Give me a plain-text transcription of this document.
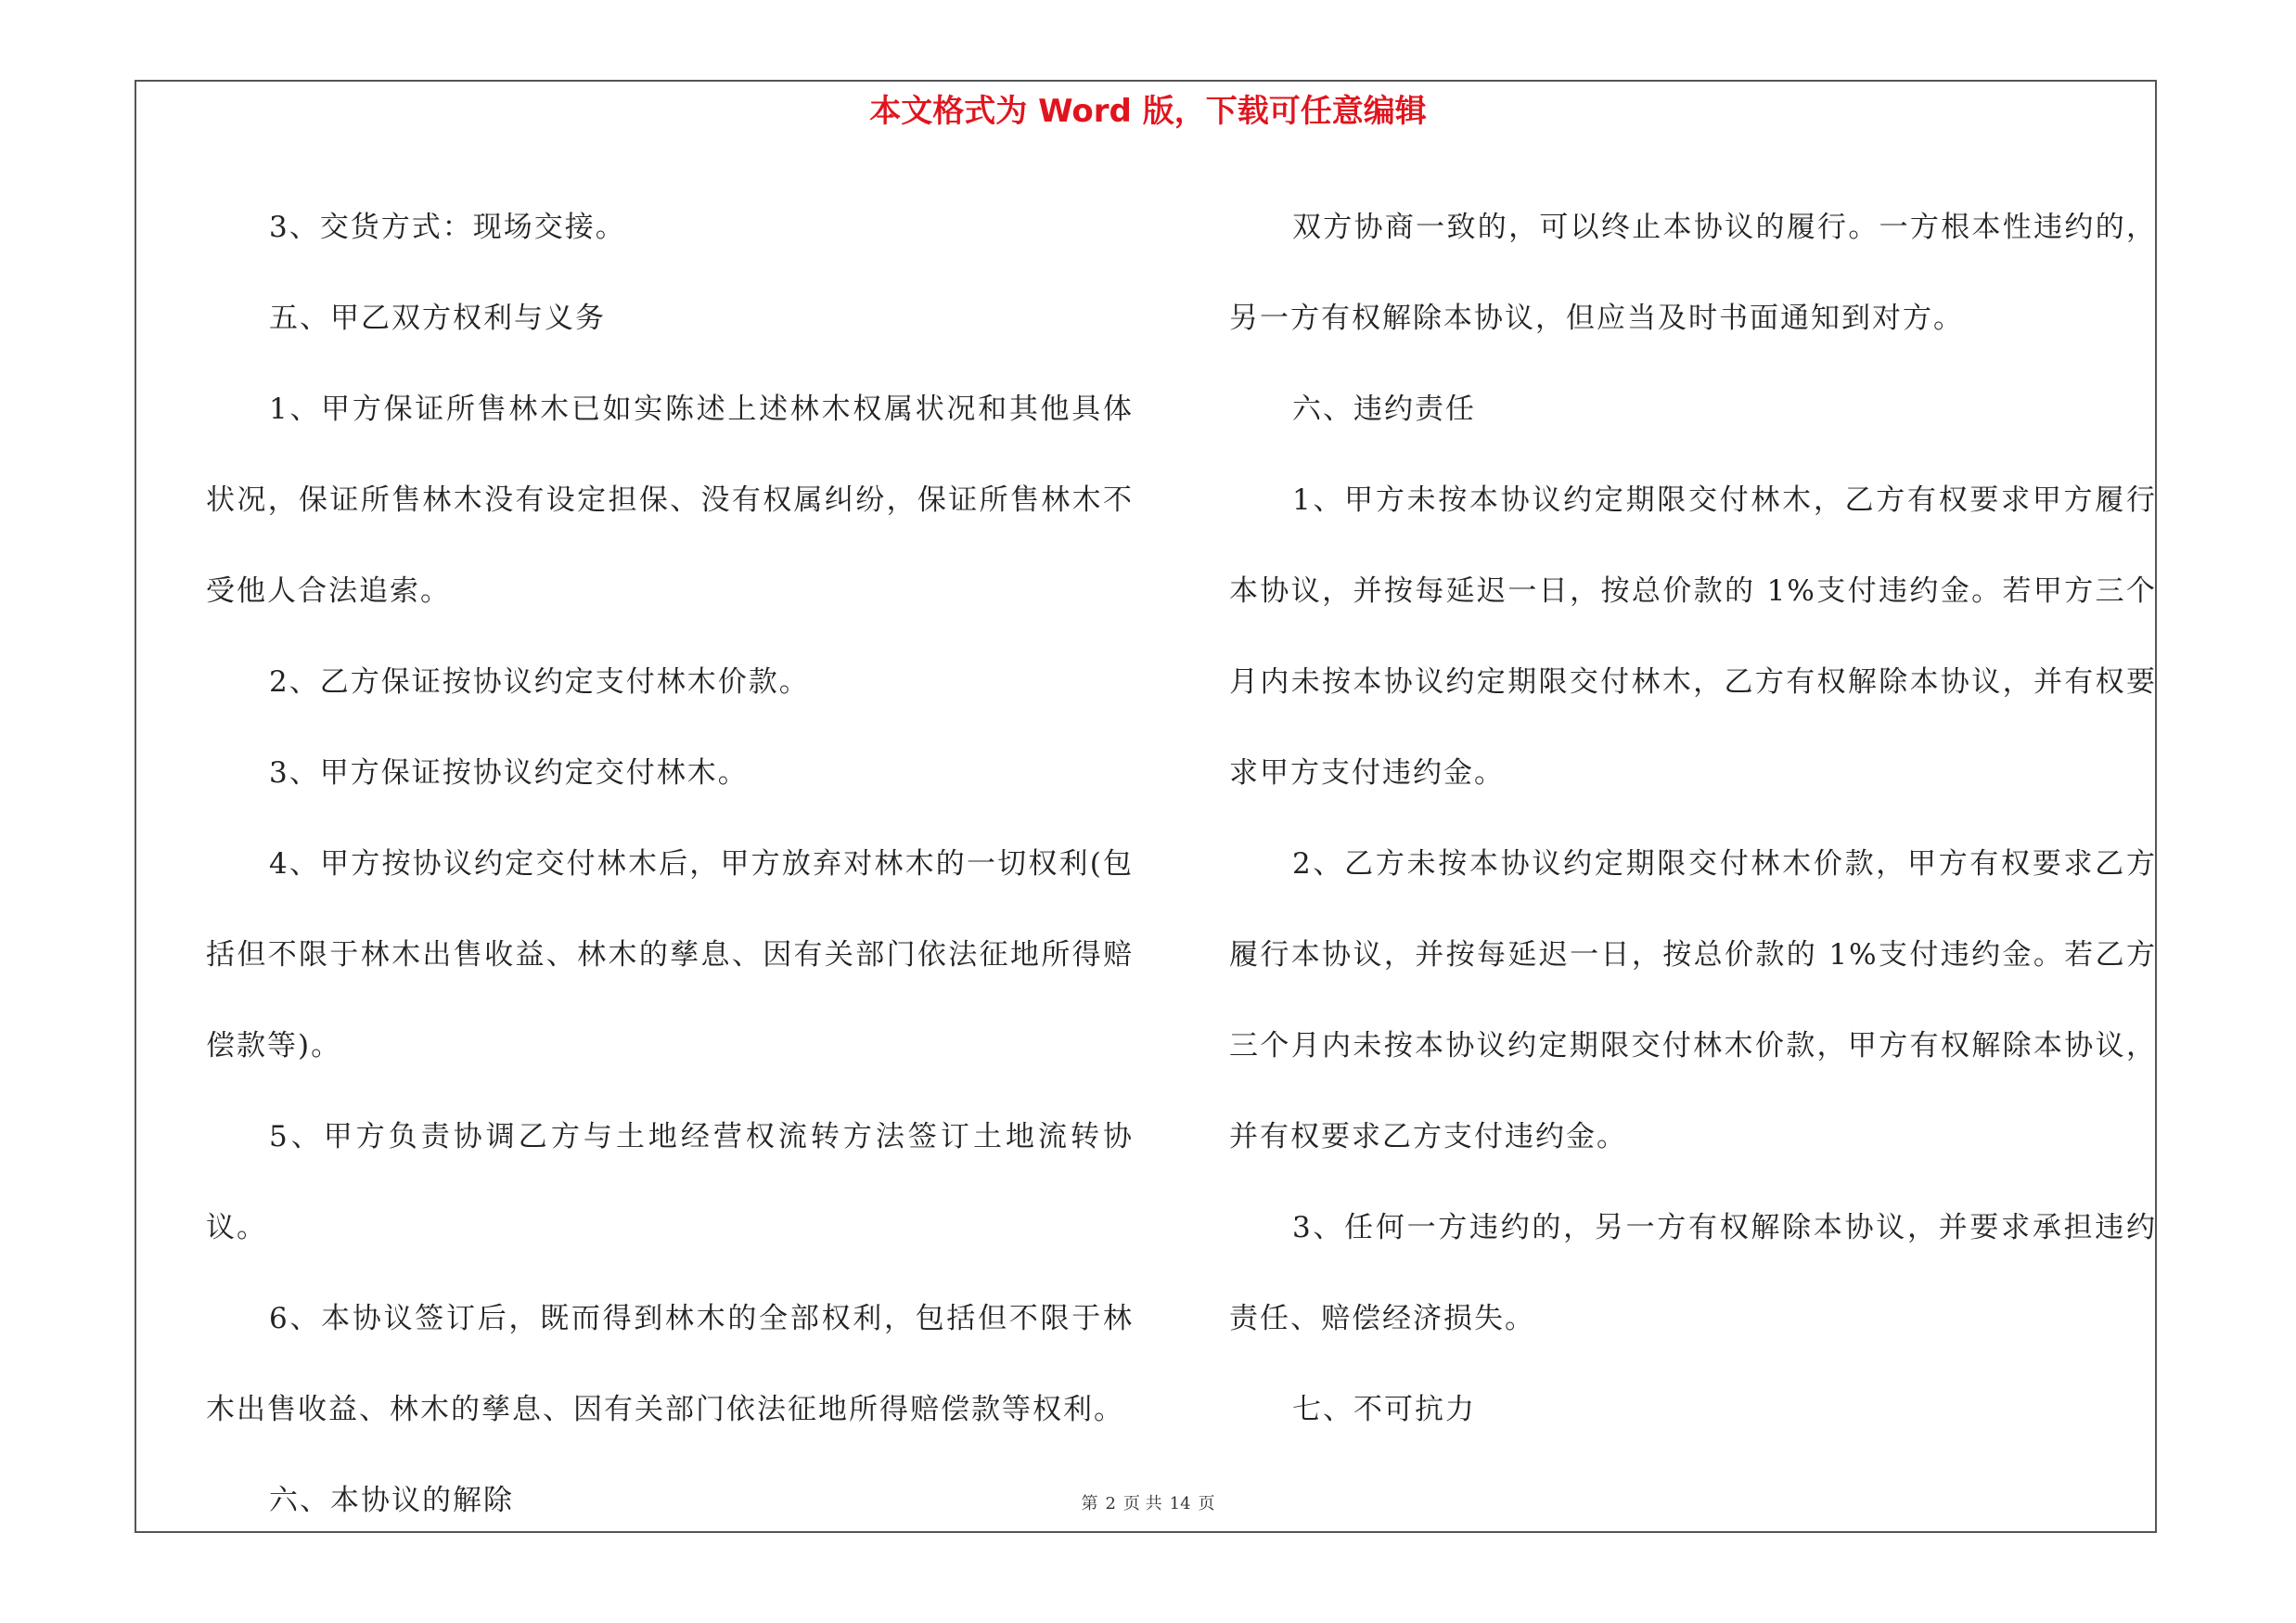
本文格式为 Word 版，下载可任意编辑

3、交货方式：现场交接。

五、甲乙双方权利与义务

1、甲方保证所售林木已如实陈述上述林木权属状况和其他具体状况，保证所售林木没有设定担保、没有权属纠纷，保证所售林木不受他人合法追索。

2、乙方保证按协议约定支付林木价款。

3、甲方保证按协议约定交付林木。

4、甲方按协议约定交付林木后，甲方放弃对林木的一切权利(包括但不限于林木出售收益、林木的孳息、因有关部门依法征地所得赔偿款等)。

5、甲方负责协调乙方与土地经营权流转方法签订土地流转协议。

6、本协议签订后，既而得到林木的全部权利，包括但不限于林木出售收益、林木的孳息、因有关部门依法征地所得赔偿款等权利。

六、本协议的解除

双方协商一致的，可以终止本协议的履行。一方根本性违约的，另一方有权解除本协议，但应当及时书面通知到对方。

六、违约责任

1、甲方未按本协议约定期限交付林木，乙方有权要求甲方履行本协议，并按每延迟一日，按总价款的 1%支付违约金。若甲方三个月内未按本协议约定期限交付林木，乙方有权解除本协议，并有权要求甲方支付违约金。

2、乙方未按本协议约定期限交付林木价款，甲方有权要求乙方履行本协议，并按每延迟一日，按总价款的 1%支付违约金。若乙方三个月内未按本协议约定期限交付林木价款，甲方有权解除本协议，并有权要求乙方支付违约金。

3、任何一方违约的，另一方有权解除本协议，并要求承担违约责任、赔偿经济损失。

七、不可抗力

第 2 页 共 14 页
